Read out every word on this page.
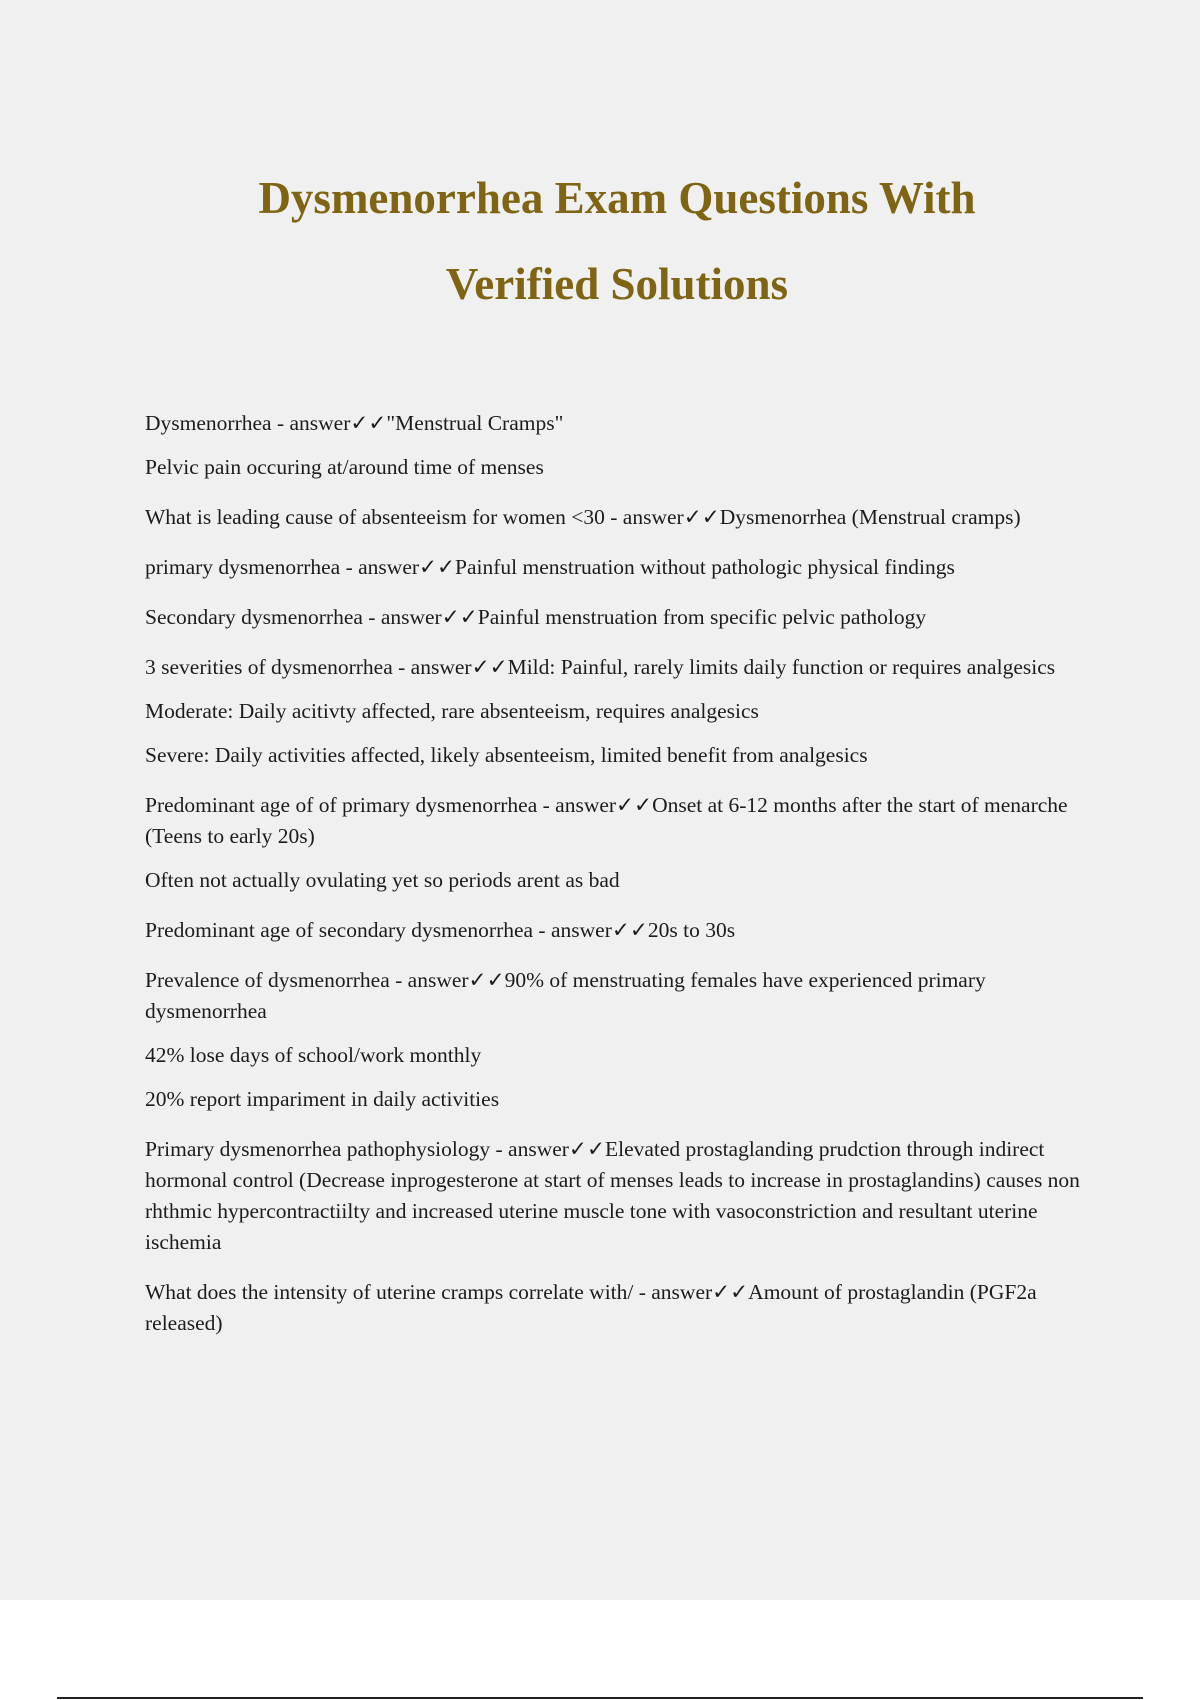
Dysmenorrhea Exam Questions With
Verified Solutions

Dysmenorrhea - answer✓✓"Menstrual Cramps"

Pelvic pain occuring at/around time of menses

What is leading cause of absenteeism for women <30 - answer✓✓Dysmenorrhea (Menstrual cramps)

primary dysmenorrhea - answer✓✓Painful menstruation without pathologic physical findings

Secondary dysmenorrhea - answer✓✓Painful menstruation from specific pelvic pathology

3 severities of dysmenorrhea - answer✓✓Mild: Painful, rarely limits daily function or requires analgesics

Moderate: Daily acitivty affected, rare absenteeism, requires analgesics

Severe: Daily activities affected, likely absenteeism, limited benefit from analgesics

Predominant age of of primary dysmenorrhea - answer✓✓Onset at 6-12 months after the start of menarche (Teens to early 20s)

Often not actually ovulating yet so periods arent as bad

Predominant age of secondary dysmenorrhea - answer✓✓20s to 30s

Prevalence of dysmenorrhea - answer✓✓90% of menstruating females have experienced primary dysmenorrhea

42% lose days of school/work monthly

20% report impariment in daily activities

Primary dysmenorrhea pathophysiology - answer✓✓Elevated prostaglanding prudction through indirect hormonal control (Decrease inprogesterone at start of menses leads to increase in prostaglandins) causes non rhthmic hypercontractiilty and increased uterine muscle tone with vasoconstriction and resultant uterine ischemia

What does the intensity of uterine cramps correlate with/ - answer✓✓Amount of prostaglandin (PGF2a released)
